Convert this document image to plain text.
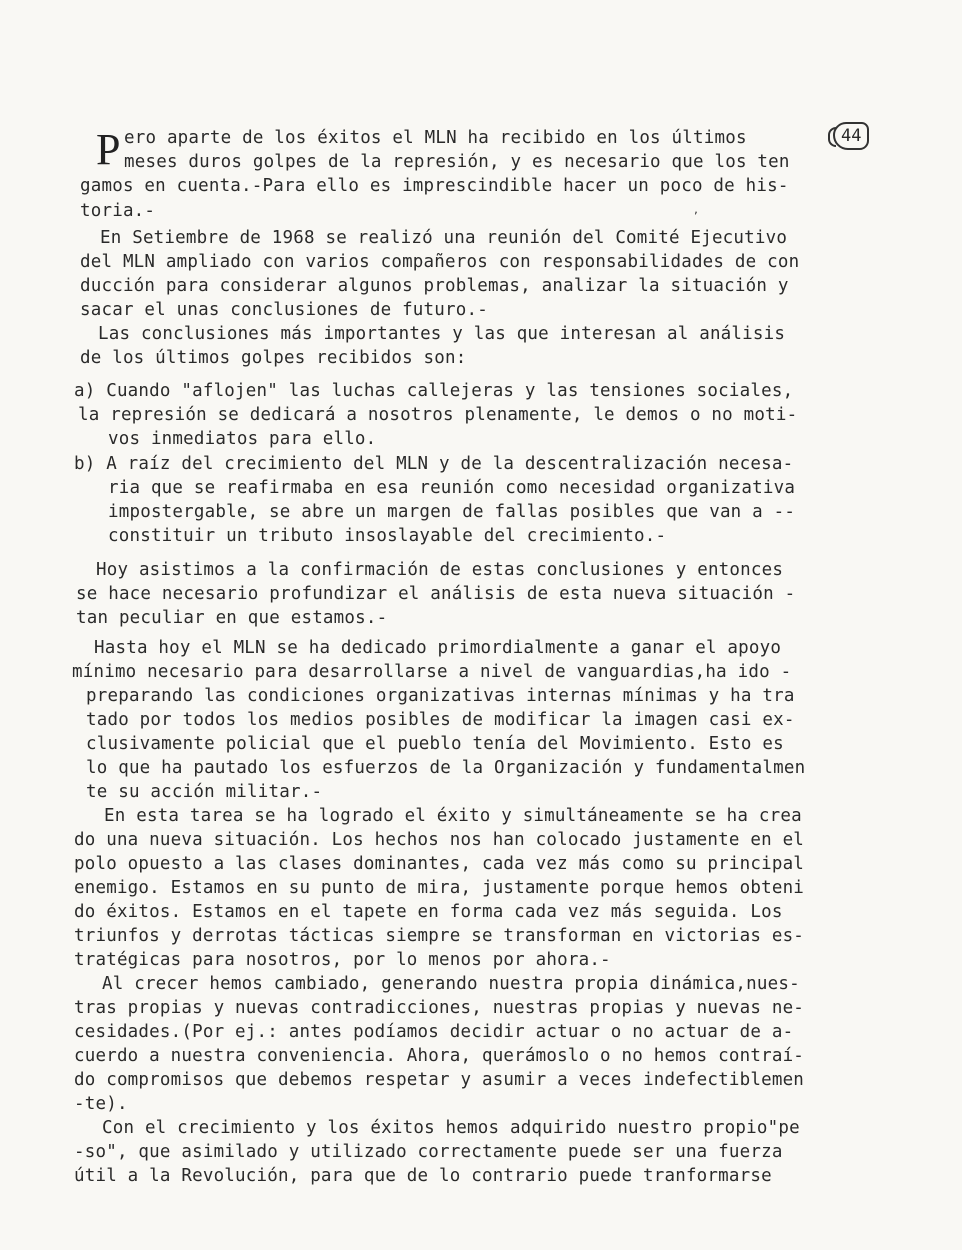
P	44
,
ero aparte de los éxitos el MLN ha recibido en los últimos
meses duros golpes de la represión, y es necesario que los ten
gamos en cuenta.-Para ello es imprescindible hacer un poco de his-
toria.-
En Setiembre de 1968 se realizó una reunión del Comité Ejecutivo
del MLN ampliado con varios compañeros con responsabilidades de con
ducción para considerar algunos problemas, analizar la situación y
sacar el unas conclusiones de futuro.-
Las conclusiones más importantes y las que interesan al análisis
de los últimos golpes recibidos son:
a) Cuando "aflojen" las luchas callejeras y las tensiones sociales,
la represión se dedicará a nosotros plenamente, le demos o no moti-
vos inmediatos para ello.
b) A raíz del crecimiento del MLN y de la descentralización necesa-
ria que se reafirmaba en esa reunión como necesidad organizativa
impostergable, se abre un margen de fallas posibles que van a --
constituir un tributo insoslayable del crecimiento.-
Hoy asistimos a la confirmación de estas conclusiones y entonces
se hace necesario profundizar el análisis de esta nueva situación -
tan peculiar en que estamos.-
Hasta hoy el MLN se ha dedicado primordialmente a ganar el apoyo
mínimo necesario para desarrollarse a nivel de vanguardias,ha ido -
preparando las condiciones organizativas internas mínimas y ha tra
tado por todos los medios posibles de modificar la imagen casi ex-
clusivamente policial que el pueblo tenía del Movimiento. Esto es
lo que ha pautado los esfuerzos de la Organización y fundamentalmen
te su acción militar.-
En esta tarea se ha logrado el éxito y simultáneamente se ha crea
do una nueva situación. Los hechos nos han colocado justamente en el
polo opuesto a las clases dominantes, cada vez más como su principal
enemigo. Estamos en su punto de mira, justamente porque hemos obteni
do éxitos. Estamos en el tapete en forma cada vez más seguida. Los
triunfos y derrotas tácticas siempre se transforman en victorias es-
tratégicas para nosotros, por lo menos por ahora.-
Al crecer hemos cambiado, generando nuestra propia dinámica,nues-
tras propias y nuevas contradicciones, nuestras propias y nuevas ne-
cesidades.(Por ej.: antes podíamos decidir actuar o no actuar de a-
cuerdo a nuestra conveniencia. Ahora, querámoslo o no hemos contraí-
do compromisos que debemos respetar y asumir a veces indefectiblemen
-te).
Con el crecimiento y los éxitos hemos adquirido nuestro propio"pe
-so", que asimilado y utilizado correctamente puede ser una fuerza
útil a la Revolución, para que de lo contrario puede tranformarse
